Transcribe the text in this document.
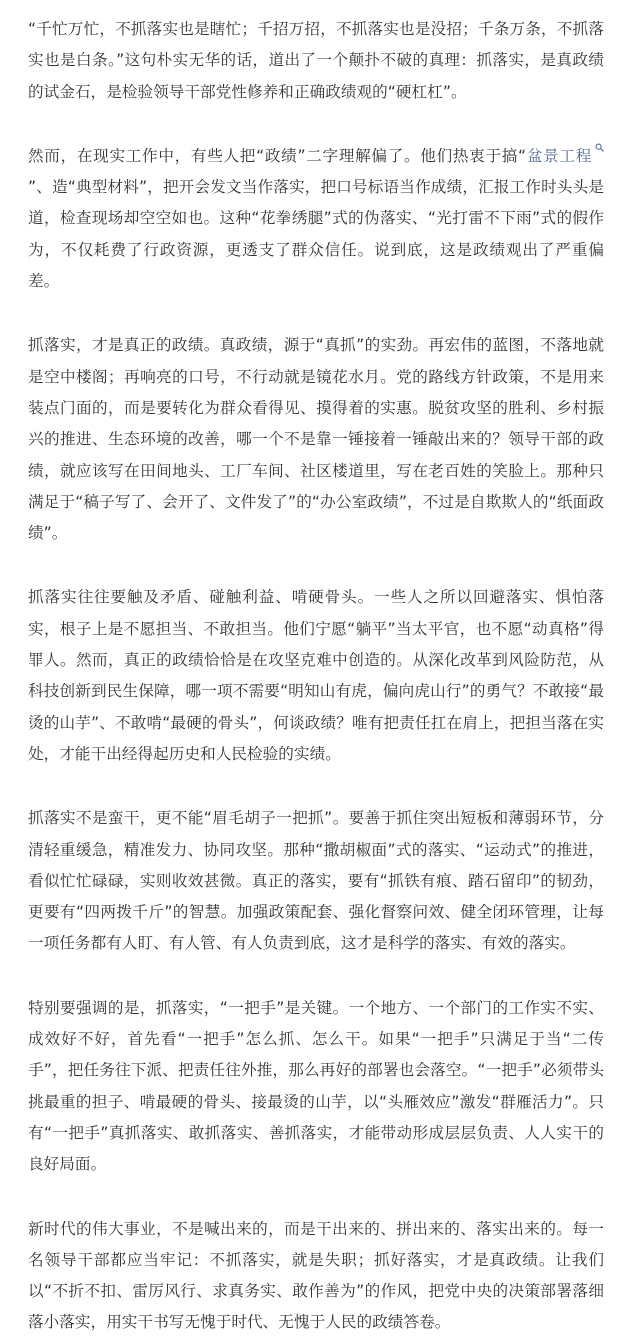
“千忙万忙，不抓落实也是瞎忙；千招万招，不抓落实也是没招；千条万条，不抓落实也是白条。”这句朴实无华的话，道出了一个颠扑不破的真理：抓落实，是真政绩的试金石，是检验领导干部党性修养和正确政绩观的“硬杠杠”。

然而，在现实工作中，有些人把“政绩”二字理解偏了。他们热衷于搞“盆景工程”、造“典型材料”，把开会发文当作落实，把口号标语当作成绩，汇报工作时头头是道，检查现场却空空如也。这种“花拳绣腿”式的伪落实、“光打雷不下雨”式的假作为，不仅耗费了行政资源，更透支了群众信任。说到底，这是政绩观出了严重偏差。

抓落实，才是真正的政绩。真政绩，源于“真抓”的实劲。再宏伟的蓝图，不落地就是空中楼阁；再响亮的口号，不行动就是镜花水月。党的路线方针政策，不是用来装点门面的，而是要转化为群众看得见、摸得着的实惠。脱贫攻坚的胜利、乡村振兴的推进、生态环境的改善，哪一个不是靠一锤接着一锤敲出来的？领导干部的政绩，就应该写在田间地头、工厂车间、社区楼道里，写在老百姓的笑脸上。那种只满足于“稿子写了、会开了、文件发了”的“办公室政绩”，不过是自欺欺人的“纸面政绩”。

抓落实往往要触及矛盾、碰触利益、啃硬骨头。一些人之所以回避落实、惧怕落实，根子上是不愿担当、不敢担当。他们宁愿“躺平”当太平官，也不愿“动真格”得罪人。然而，真正的政绩恰恰是在攻坚克难中创造的。从深化改革到风险防范，从科技创新到民生保障，哪一项不需要“明知山有虎，偏向虎山行”的勇气？不敢接“最烫的山芋”、不敢啃“最硬的骨头”，何谈政绩？唯有把责任扛在肩上，把担当落在实处，才能干出经得起历史和人民检验的实绩。

抓落实不是蛮干，更不能“眉毛胡子一把抓”。要善于抓住突出短板和薄弱环节，分清轻重缓急，精准发力、协同攻坚。那种“撒胡椒面”式的落实、“运动式”的推进，看似忙忙碌碌，实则收效甚微。真正的落实，要有“抓铁有痕、踏石留印”的韧劲，更要有“四两拨千斤”的智慧。加强政策配套、强化督察问效、健全闭环管理，让每一项任务都有人盯、有人管、有人负责到底，这才是科学的落实、有效的落实。

特别要强调的是，抓落实，“一把手”是关键。一个地方、一个部门的工作实不实、成效好不好，首先看“一把手”怎么抓、怎么干。如果“一把手”只满足于当“二传手”，把任务往下派、把责任往外推，那么再好的部署也会落空。“一把手”必须带头挑最重的担子、啃最硬的骨头、接最烫的山芋，以“头雁效应”激发“群雁活力”。只有“一把手”真抓落实、敢抓落实、善抓落实，才能带动形成层层负责、人人实干的良好局面。

新时代的伟大事业，不是喊出来的，而是干出来的、拼出来的、落实出来的。每一名领导干部都应当牢记：不抓落实，就是失职；抓好落实，才是真政绩。让我们以“不折不扣、雷厉风行、求真务实、敢作善为”的作风，把党中央的决策部署落细落小落实，用实干书写无愧于时代、无愧于人民的政绩答卷。
